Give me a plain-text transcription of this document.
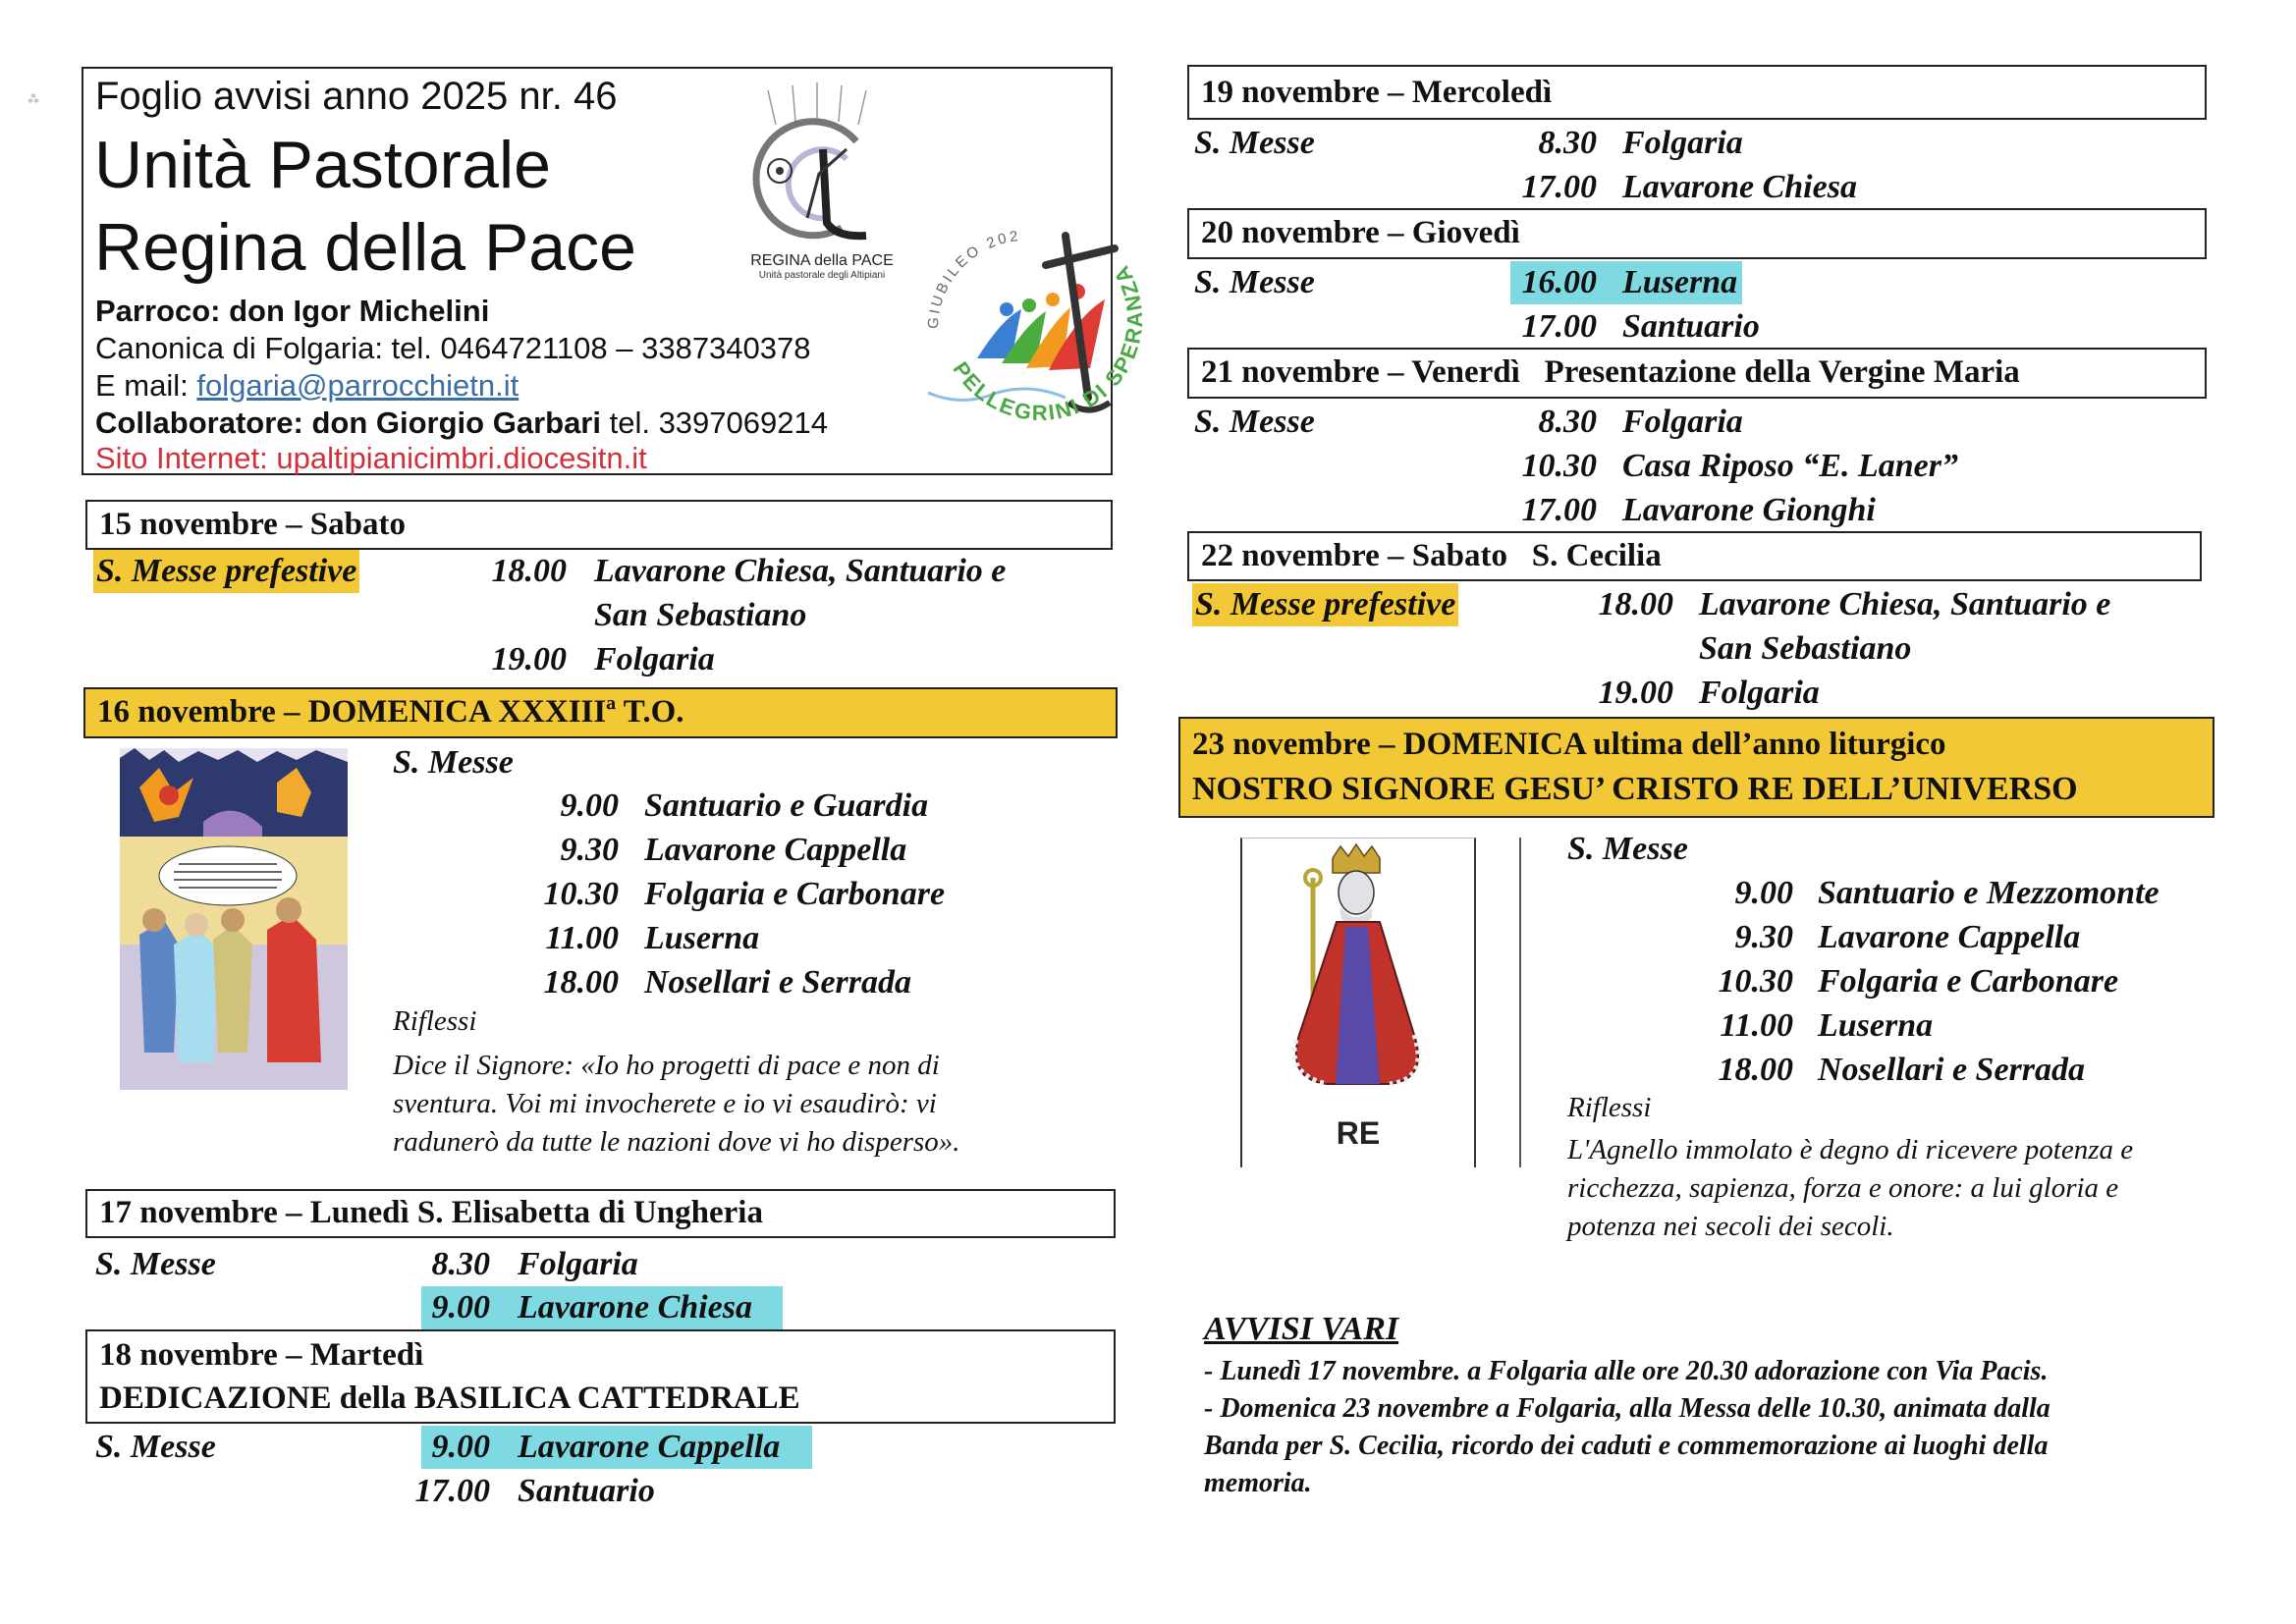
Foglio avvisi anno 2025 nr. 46
Unità Pastorale
Regina della Pace
Parroco: don Igor Michelini
Canonica di Folgaria: tel. 0464721108 – 3387340378
E mail: folgaria@parrocchietn.it
Collaboratore: don Giorgio Garbari tel. 3397069214
Sito Internet: upaltipianicimbri.diocesitn.it
REGINA della PACE
Unità pastorale degli Altipiani
GIUBILEO 202
PELLEGRINI DI SPERANZA
15 novembre – Sabato
S. Messe prefestive	18.00 Lavarone Chiesa, Santuario e
San Sebastiano
19.00 Folgaria
16 novembre – DOMENICA XXXIIIª T.O.
S. Messe
9.00 Santuario e Guardia
9.30 Lavarone Cappella
10.30 Folgaria e Carbonare
11.00 Luserna
18.00 Nosellari e Serrada
Riflessi
Dice il Signore: «Io ho progetti di pace e non di
sventura. Voi mi invocherete e io vi esaudirò: vi
radunerò da tutte le nazioni dove vi ho disperso».
17 novembre – Lunedì S. Elisabetta di Ungheria
S. Messe	8.30 Folgaria
9.00 Lavarone Chiesa
18 novembre – Martedì
DEDICAZIONE della BASILICA CATTEDRALE
S. Messe	9.00 Lavarone Cappella
17.00 Santuario
19 novembre – Mercoledì
S. Messe	8.30 Folgaria
17.00 Lavarone Chiesa
20 novembre – Giovedì
S. Messe	16.00 Luserna
17.00 Santuario
21 novembre – Venerdì   Presentazione della Vergine Maria
S. Messe	8.30 Folgaria
10.30 Casa Riposo “E. Laner”
17.00 Lavarone Gionghi
22 novembre – Sabato   S. Cecilia
S. Messe prefestive	18.00 Lavarone Chiesa, Santuario e
San Sebastiano
19.00 Folgaria
23 novembre – DOMENICA ultima dell’anno liturgico
NOSTRO SIGNORE GESU’ CRISTO RE DELL’UNIVERSO
RE
S. Messe
9.00 Santuario e Mezzomonte
9.30 Lavarone Cappella
10.30 Folgaria e Carbonare
11.00 Luserna
18.00 Nosellari e Serrada
Riflessi
L'Agnello immolato è degno di ricevere potenza e
ricchezza, sapienza, forza e onore: a lui gloria e
potenza nei secoli dei secoli.
AVVISI VARI
- Lunedì 17 novembre. a Folgaria alle ore 20.30 adorazione con Via Pacis.
- Domenica 23 novembre a Folgaria, alla Messa delle 10.30, animata dalla
Banda per S. Cecilia, ricordo dei caduti e commemorazione ai luoghi della
memoria.
⁂
